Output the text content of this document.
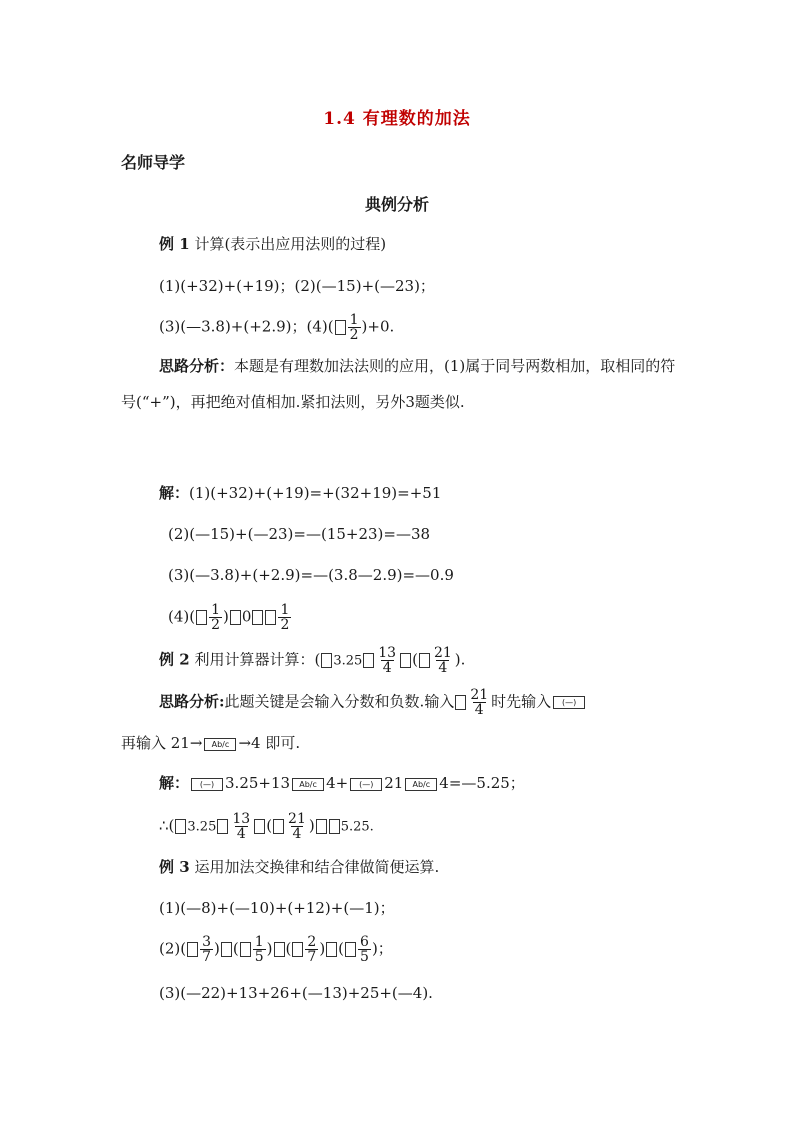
1.4 有理数的加法
名师导学
典例分析
例 1 计算(表示出应用法则的过程)
(1)(+32)+(+19)；(2)(—15)+(—23)；
(3)(—3.8)+(+2.9)；$(4)( \frac{1}{2} )+0$.
思路分析：本题是有理数加法法则的应用，(1)属于同号两数相加，取相同的符号(“+”)，再把绝对值相加.紧扣法则，另外3题类似.
解：(1)(+32)+(+19)=+(32+19)=+51
(2)(—15)+(—23)=—(15+23)=—38
(3)(—3.8)+(+2.9)=—(3.8—2.9)=—0.9
$(4)( \frac{1}{2}$ ) $0 \frac{1}{2}$
例 2 利用计算器计算：( $3.25 \frac{13}{4}$ ( $\frac{21}{4}$ ).
思路分析:此题关键是会输入分数和负数.输入 $\frac{21}{4}$ 时先输入 (—)
再输入 21→ Ab/c →4 即可.
解： (—) 3.25+13 Ab/c 4+ (—) 21 Ab/c 4=—5.25；
∴( $3.25 \frac{13}{4}$ ( $\frac{21}{4}$ ) 5.25.
例 3 运用加法交换律和结合律做简便运算.
(1)(—8)+(—10)+(+12)+(—1)；
$(2)( \frac{3}{7}$ ) ( $\frac{1}{5}$ ) ( $\frac{2}{7}$ ) ( $\frac{6}{5}$ )；
(3)(—22)+13+26+(—13)+25+(—4).
